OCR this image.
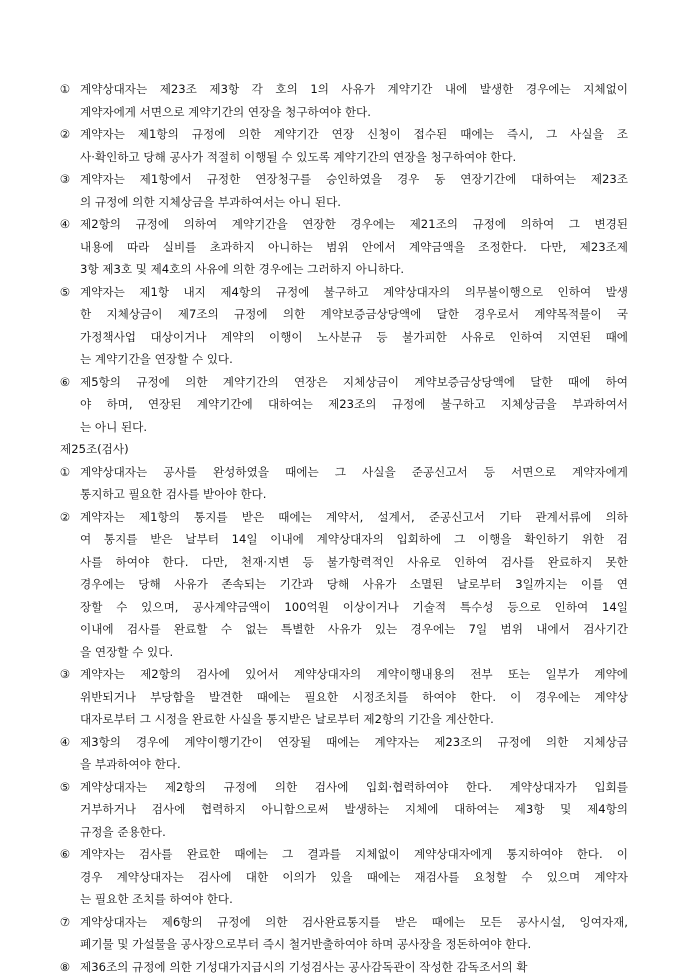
① 계약상대자는 제23조 제3항 각 호의 1의 사유가 계약기간 내에 발생한 경우에는 지체없이
계약자에게 서면으로 계약기간의 연장을 청구하여야 한다.
② 계약자는 제1항의 규정에 의한 계약기간 연장 신청이 접수된 때에는 즉시, 그 사실을 조
사·확인하고 당해 공사가 적절히 이행될 수 있도록 계약기간의 연장을 청구하여야 한다.
③ 계약자는 제1항에서 규정한 연장청구를 승인하였을 경우 동 연장기간에 대하여는 제23조
의 규정에 의한 지체상금을 부과하여서는 아니 된다.
④ 제2항의 규정에 의하여 계약기간을 연장한 경우에는 제21조의 규정에 의하여 그 변경된
내용에 따라 실비를 초과하지 아니하는 범위 안에서 계약금액을 조정한다. 다만, 제23조제
3항 제3호 및 제4호의 사유에 의한 경우에는 그러하지 아니하다.
⑤ 계약자는 제1항 내지 제4항의 규정에 불구하고 계약상대자의 의무불이행으로 인하여 발생
한 지체상금이 제7조의 규정에 의한 계약보증금상당액에 달한 경우로서 계약목적물이 국
가정책사업 대상이거나 계약의 이행이 노사분규 등 불가피한 사유로 인하여 지연된 때에
는 계약기간을 연장할 수 있다.
⑥ 제5항의 규정에 의한 계약기간의 연장은 지체상금이 계약보증금상당액에 달한 때에 하여
야 하며, 연장된 계약기간에 대하여는 제23조의 규정에 불구하고 지체상금을 부과하여서
는 아니 된다.
제25조(검사)
① 계약상대자는 공사를 완성하였을 때에는 그 사실을 준공신고서 등 서면으로 계약자에게
통지하고 필요한 검사를 받아야 한다.
② 계약자는 제1항의 통지를 받은 때에는 계약서, 설계서, 준공신고서 기타 관계서류에 의하
여 통지를 받은 날부터 14일 이내에 계약상대자의 입회하에 그 이행을 확인하기 위한 검
사를 하여야 한다. 다만, 천재·지변 등 불가항력적인 사유로 인하여 검사를 완료하지 못한
경우에는 당해 사유가 존속되는 기간과 당해 사유가 소멸된 날로부터 3일까지는 이를 연
장할 수 있으며, 공사계약금액이 100억원 이상이거나 기술적 특수성 등으로 인하여 14일
이내에 검사를 완료할 수 없는 특별한 사유가 있는 경우에는 7일 범위 내에서 검사기간
을 연장할 수 있다.
③ 계약자는 제2항의 검사에 있어서 계약상대자의 계약이행내용의 전부 또는 일부가 계약에
위반되거나 부당함을 발견한 때에는 필요한 시정조치를 하여야 한다. 이 경우에는 계약상
대자로부터 그 시정을 완료한 사실을 통지받은 날로부터 제2항의 기간을 계산한다.
④ 제3항의 경우에 계약이행기간이 연장될 때에는 계약자는 제23조의 규정에 의한 지체상금
을 부과하여야 한다.
⑤ 계약상대자는 제2항의 규정에 의한 검사에 입회·협력하여야 한다. 계약상대자가 입회를
거부하거나 검사에 협력하지 아니함으로써 발생하는 지체에 대하여는 제3항 및 제4항의
규정을 준용한다.
⑥ 계약자는 검사를 완료한 때에는 그 결과를 지체없이 계약상대자에게 통지하여야 한다. 이
경우 계약상대자는 검사에 대한 이의가 있을 때에는 재검사를 요청할 수 있으며 계약자
는 필요한 조치를 하여야 한다.
⑦ 계약상대자는 제6항의 규정에 의한 검사완료통지를 받은 때에는 모든 공사시설, 잉여자재,
폐기물 및 가설물을 공사장으로부터 즉시 철거반출하여야 하며 공사장을 정돈하여야 한다.
⑧ 제36조의 규정에 의한 기성대가지급시의 기성검사는 공사감독관이 작성한 감독조서의 확
